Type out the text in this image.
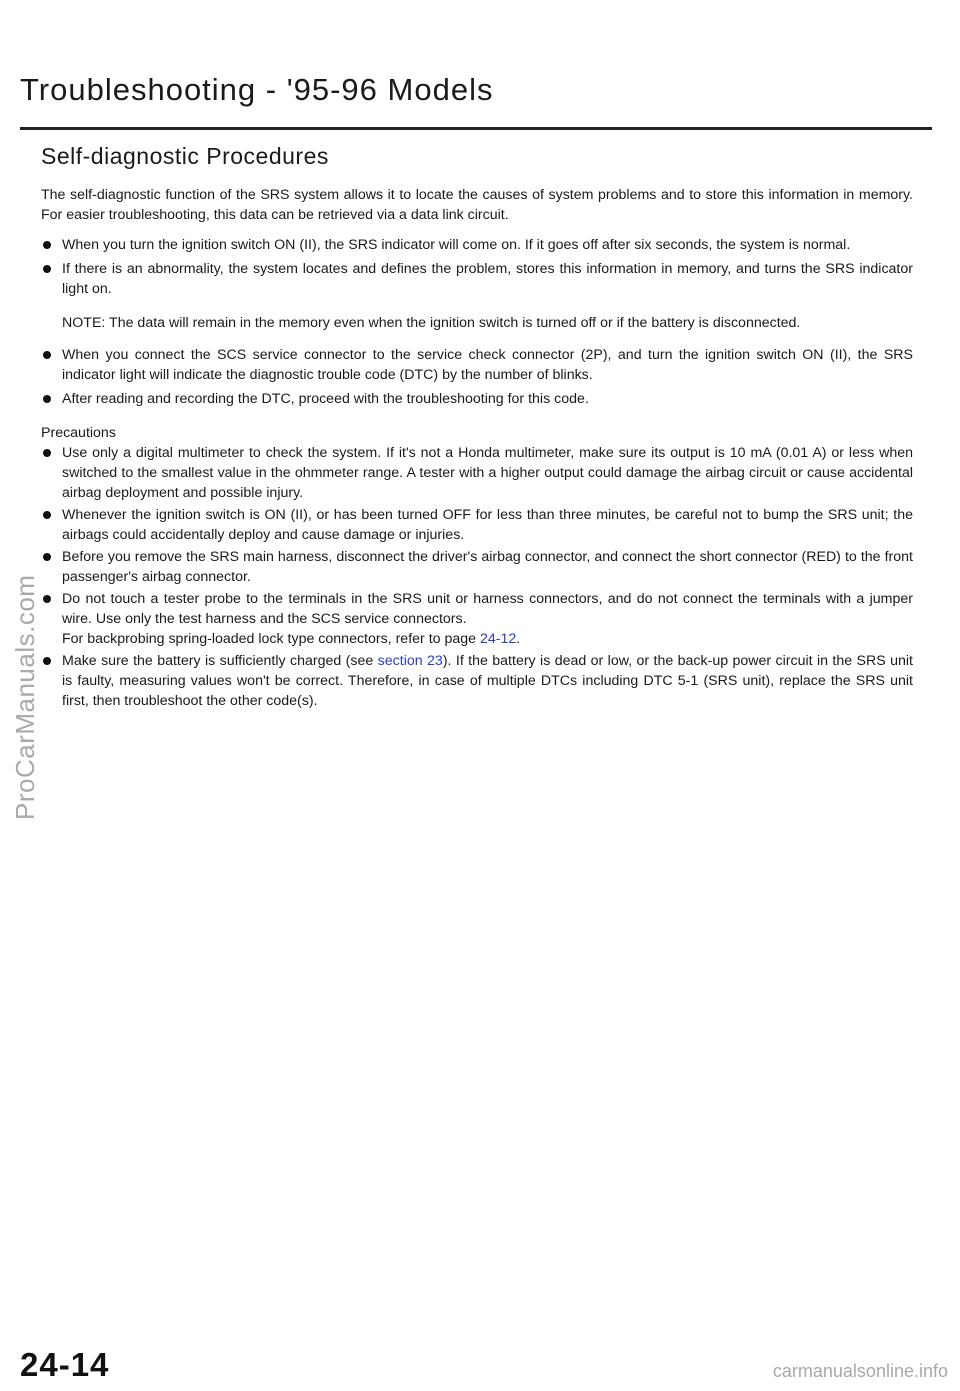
Troubleshooting - '95-96 Models
Self-diagnostic Procedures

The self-diagnostic function of the SRS system allows it to locate the causes of system problems and to store this information in memory. For easier troubleshooting, this data can be retrieved via a data link circuit.

When you turn the ignition switch ON (II), the SRS indicator will come on. If it goes off after six seconds, the system is normal.
If there is an abnormality, the system locates and defines the problem, stores this information in memory, and turns the SRS indicator light on.

NOTE: The data will remain in the memory even when the ignition switch is turned off or if the battery is disconnected.

When you connect the SCS service connector to the service check connector (2P), and turn the ignition switch ON (II), the SRS indicator light will indicate the diagnostic trouble code (DTC) by the number of blinks.
After reading and recording the DTC, proceed with the troubleshooting for this code.
Precautions
Use only a digital multimeter to check the system. If it's not a Honda multimeter, make sure its output is 10 mA (0.01 A) or less when switched to the smallest value in the ohmmeter range. A tester with a higher output could damage the airbag circuit or cause accidental airbag deployment and possible injury.
Whenever the ignition switch is ON (II), or has been turned OFF for less than three minutes, be careful not to bump the SRS unit; the airbags could accidentally deploy and cause damage or injuries.
Before you remove the SRS main harness, disconnect the driver's airbag connector, and connect the short connector (RED) to the front passenger's airbag connector.
Do not touch a tester probe to the terminals in the SRS unit or harness connectors, and do not connect the terminals with a jumper wire. Use only the test harness and the SCS service connectors.
For backprobing spring-loaded lock type connectors, refer to page 24-12.
Make sure the battery is sufficiently charged (see section 23). If the battery is dead or low, or the back-up power circuit in the SRS unit is faulty, measuring values won't be correct. Therefore, in case of multiple DTCs including DTC 5-1 (SRS unit), replace the SRS unit first, then troubleshoot the other code(s).
ProCarManuals.com
24-14	carmanualsonline.info
